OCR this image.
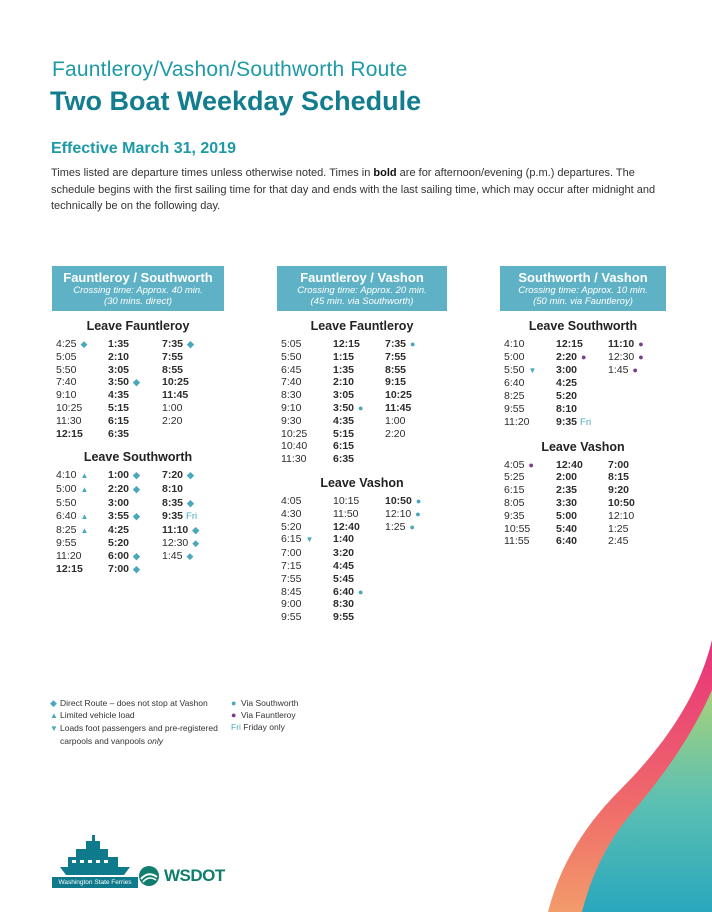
Fauntleroy/Vashon/Southworth Route
Two Boat Weekday Schedule
Effective March 31, 2019
Times listed are departure times unless otherwise noted. Times in bold are for afternoon/evening (p.m.) departures. The schedule begins with the first sailing time for that day and ends with the last sailing time, which may occur after midnight and technically be on the following day.
Fauntleroy / Southworth
Crossing time: Approx. 40 min.
(30 mins. direct)
Leave Fauntleroy
4:25 ◆	1:35	7:35 ◆
5:05	2:10	7:55
5:50	3:05	8:55
7:40	3:50 ◆	10:25
9:10	4:35	11:45
10:25	5:15	1:00
11:30	6:15	2:20
12:15	6:35	
Leave Southworth
4:10 ▲	1:00 ◆	7:20 ◆
5:00 ▲	2:20 ◆	8:10
5:50	3:00	8:35 ◆
6:40 ▲	3:55 ◆	9:35 Fri
8:25 ▲	4:25	11:10 ◆
9:55	5:20	12:30 ◆
11:20	6:00 ◆	1:45 ◆
12:15	7:00 ◆	
Fauntleroy / Vashon
Crossing time: Approx. 20 min.
(45 min. via Southworth)
Leave Fauntleroy
5:05	12:15	7:35 ●
5:50	1:15	7:55
6:45	1:35	8:55
7:40	2:10	9:15
8:30	3:05	10:25
9:10	3:50 ●	11:45
9:30	4:35	1:00
10:25	5:15	2:20
10:40	6:15	
11:30	6:35	
Leave Vashon
4:05	10:15	10:50 ●
4:30	11:50	12:10 ●
5:20	12:40	1:25 ●
6:15 ▼	1:40	
7:00	3:20	
7:15	4:45	
7:55	5:45	
8:45	6:40 ●	
9:00	8:30	
9:55	9:55	
Southworth / Vashon
Crossing time: Approx. 10 min.
(50 min. via Fauntleroy)
Leave Southworth
4:10	12:15	11:10 ●
5:00	2:20 ●	12:30 ●
5:50 ▼	3:00	1:45 ●
6:40	4:25	
8:25	5:20	
9:55	8:10	
11:20	9:35 Fri	
Leave Vashon
4:05 ●	12:40	7:00
5:25	2:00	8:15
6:15	2:35	9:20
8:05	3:30	10:50
9:35	5:00	12:10
10:55	5:40	1:25
11:55	6:40	2:45
◆ Direct Route – does not stop at Vashon
▲ Limited vehicle load
▼ Loads foot passengers and pre-registered
carpools and vanpools only
● Via Southworth
● Via Fauntleroy
Fri Friday only
Washington State Ferries	WSDOT
